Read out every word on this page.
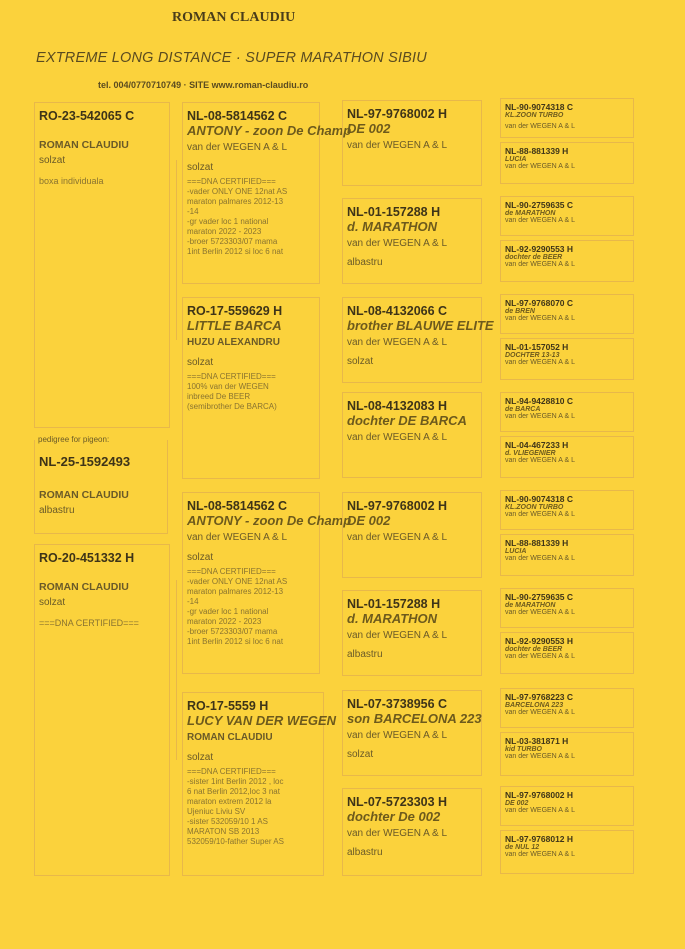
ROMAN CLAUDIU
EXTREME LONG DISTANCE · SUPER MARATHON SIBIU
tel. 004/0770710749 · SITE www.roman-claudiu.ro
RO-23-542065 C
ROMAN CLAUDIU
solzat
boxa individuala
pedigree for pigeon:
NL-25-1592493
ROMAN CLAUDIU
albastru
RO-20-451332 H
ROMAN CLAUDIU
solzat
===DNA CERTIFIED===
NL-08-5814562 C
ANTONY - zoon De Champ
van der WEGEN A & L
solzat
===DNA CERTIFIED===
-vader ONLY ONE 12nat AS
maraton palmares 2012-13
-14
-gr vader loc 1 national
maraton 2022 - 2023
-broer 5723303/07 mama
1int Berlin 2012 si loc 6 nat
RO-17-559629 H
LITTLE BARCA
HUZU ALEXANDRU
solzat
===DNA CERTIFIED===
100% van der WEGEN
inbreed De BEER
(semibrother De BARCA)
NL-08-5814562 C
ANTONY - zoon De Champ
van der WEGEN A & L
solzat
===DNA CERTIFIED===
-vader ONLY ONE 12nat AS
maraton palmares 2012-13
-14
-gr vader loc 1 national
maraton 2022 - 2023
-broer 5723303/07 mama
1int Berlin 2012 si loc 6 nat
RO-17-5559 H
LUCY VAN DER WEGEN
ROMAN CLAUDIU
solzat
===DNA CERTIFIED===
-sister 1int Berlin 2012 , loc
6 nat Berlin 2012,loc 3 nat
maraton extrem 2012 la
Ujeniuc Liviu SV
-sister 532059/10 1 AS
MARATON SB 2013
532059/10-father Super AS
NL-97-9768002 H
DE 002
van der WEGEN A & L
NL-01-157288 H
d. MARATHON
van der WEGEN A & L
albastru
NL-08-4132066 C
brother BLAUWE ELITE
van der WEGEN A & L
solzat
NL-08-4132083 H
dochter DE BARCA
van der WEGEN A & L
NL-97-9768002 H
DE 002
van der WEGEN A & L
NL-01-157288 H
d. MARATHON
van der WEGEN A & L
albastru
NL-07-3738956 C
son BARCELONA 223
van der WEGEN A & L
solzat
NL-07-5723303 H
dochter De 002
van der WEGEN A & L
albastru
NL-90-9074318 C
KL.ZOON TURBO
van der WEGEN A & L
NL-88-881339 H
LUCIA
van der WEGEN A & L
NL-90-2759635 C
de MARATHON
van der WEGEN A & L
NL-92-9290553 H
dochter de BEER
van der WEGEN A & L
NL-97-9768070 C
de BREN
van der WEGEN A & L
NL-01-157052 H
DOCHTER 13-13
van der WEGEN A & L
NL-94-9428810 C
de BARCA
van der WEGEN A & L
NL-04-467233 H
d. VLIEGENIER
van der WEGEN A & L
NL-90-9074318 C
KL.ZOON TURBO
van der WEGEN A & L
NL-88-881339 H
LUCIA
van der WEGEN A & L
NL-90-2759635 C
de MARATHON
van der WEGEN A & L
NL-92-9290553 H
dochter de BEER
van der WEGEN A & L
NL-97-9768223 C
BARCELONA 223
van der WEGEN A & L
NL-03-381871 H
kid TURBO
van der WEGEN A & L
NL-97-9768002 H
DE 002
van der WEGEN A & L
NL-97-9768012 H
de NUL 12
van der WEGEN A & L
